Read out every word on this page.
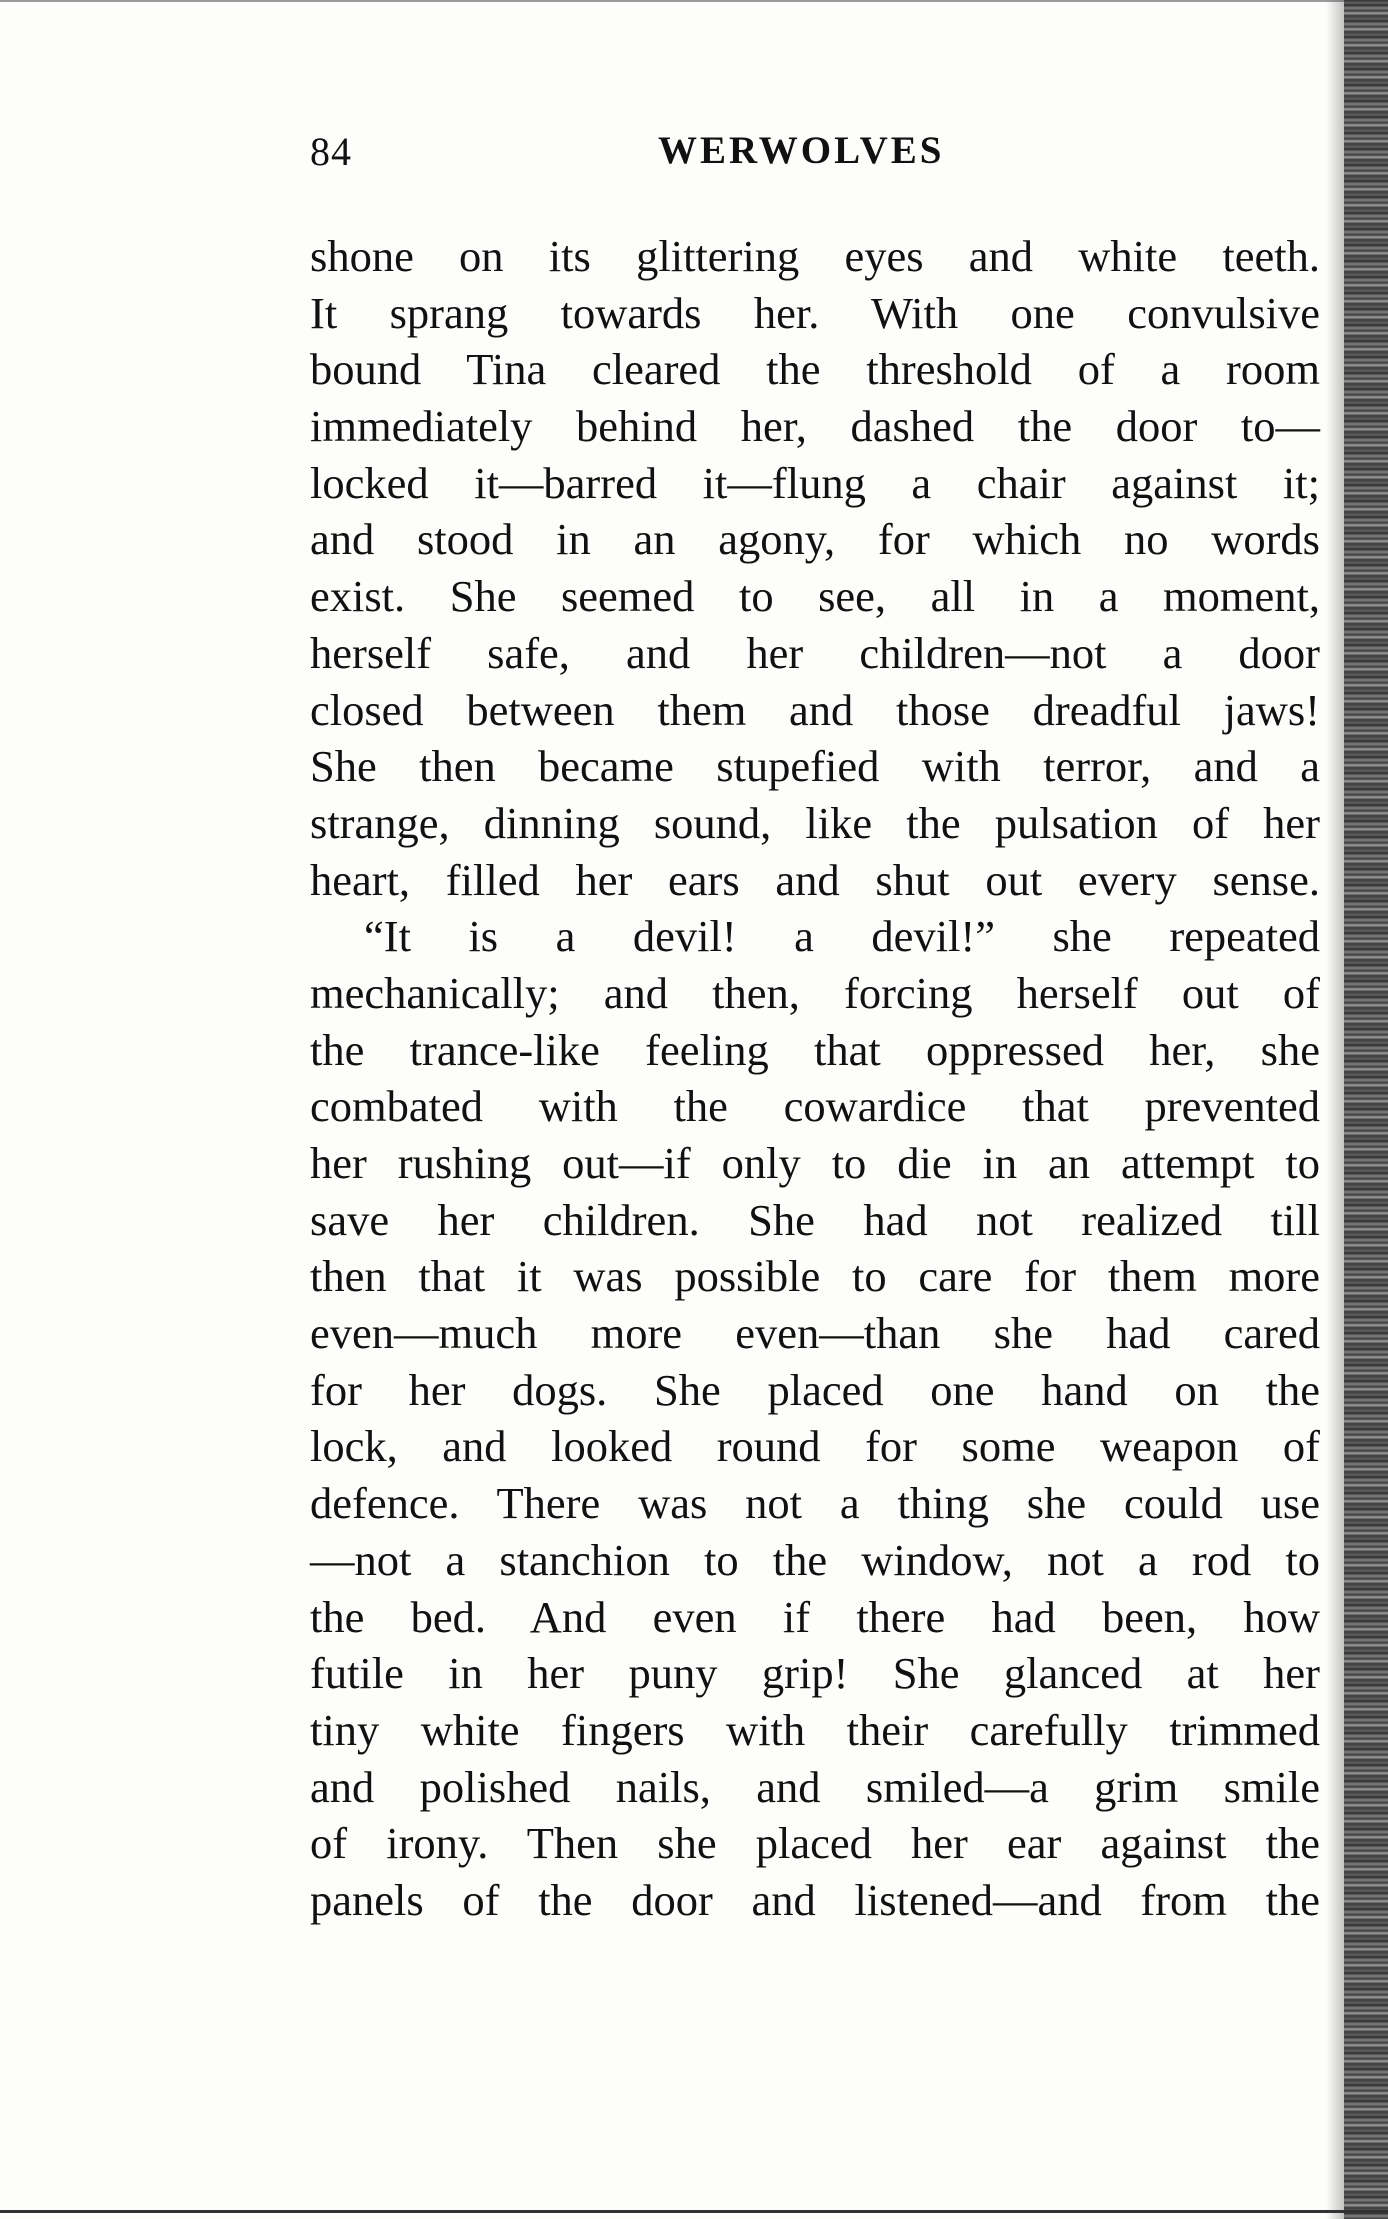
84	WERWOLVES
shone on its glittering eyes and white teeth.
It sprang towards her. With one convulsive
bound Tina cleared the threshold of a room
immediately behind her, dashed the door to—
locked it—barred it—flung a chair against it;
and stood in an agony, for which no words
exist. She seemed to see, all in a moment,
herself safe, and her children—not a door
closed between them and those dreadful jaws!
She then became stupefied with terror, and a
strange, dinning sound, like the pulsation of her
heart, filled her ears and shut out every sense.
“It is a devil! a devil!” she repeated
mechanically; and then, forcing herself out of
the trance-like feeling that oppressed her, she
combated with the cowardice that prevented
her rushing out—if only to die in an attempt to
save her children. She had not realized till
then that it was possible to care for them more
even—much more even—than she had cared
for her dogs. She placed one hand on the
lock, and looked round for some weapon of
defence. There was not a thing she could use
—not a stanchion to the window, not a rod to
the bed. And even if there had been, how
futile in her puny grip! She glanced at her
tiny white fingers with their carefully trimmed
and polished nails, and smiled—a grim smile
of irony. Then she placed her ear against the
panels of the door and listened—and from the
